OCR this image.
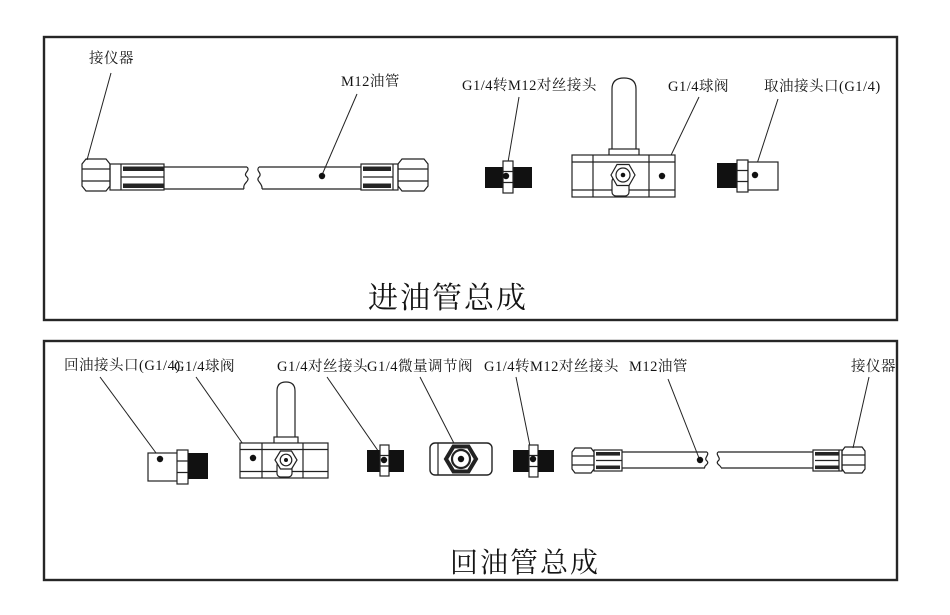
接仪器
M12油管	G1/4转M12对丝接头	G1/4球阀 取油接头口(G1/4)
进油管总成
回油接头口(G1/4)
G1/4球阀	G1/4对丝接头 G1/4微量调节阀 G1/4转M12对丝接头 M12油管	接仪器
回油管总成
